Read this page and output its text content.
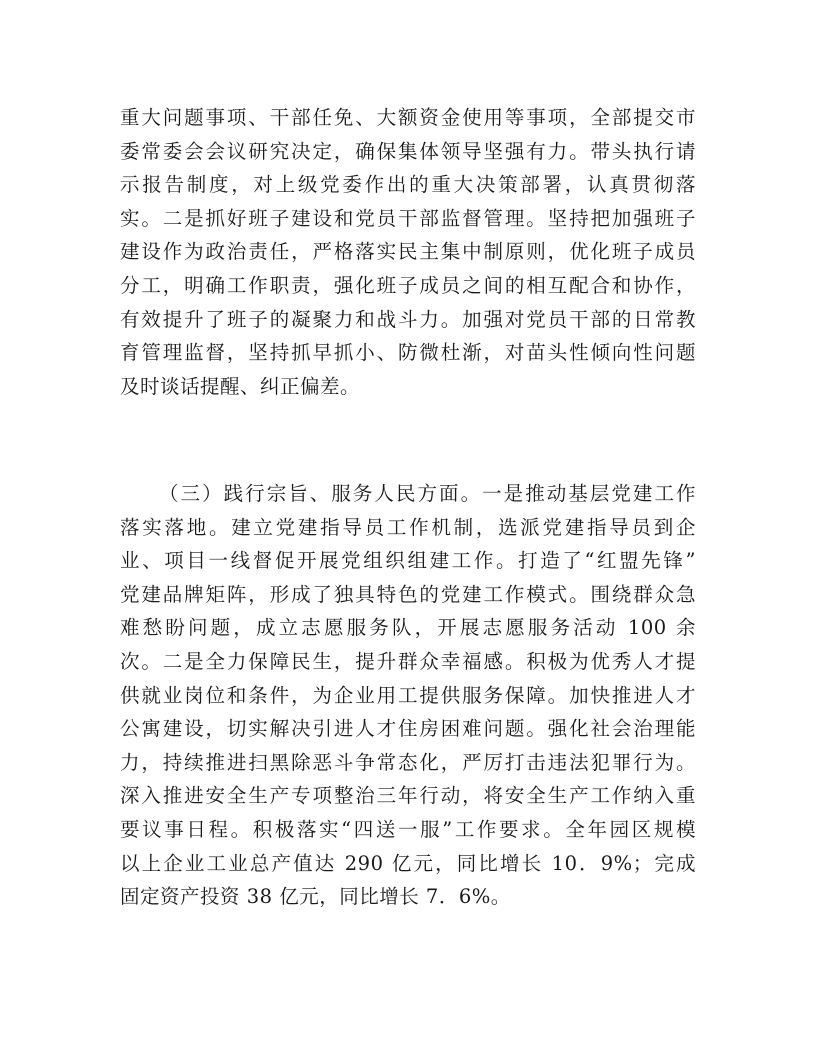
重大问题事项、干部任免、大额资金使用等事项，全部提交市
委常委会会议研究决定，确保集体领导坚强有力。带头执行请
示报告制度，对上级党委作出的重大决策部署，认真贯彻落
实。二是抓好班子建设和党员干部监督管理。坚持把加强班子
建设作为政治责任，严格落实民主集中制原则，优化班子成员
分工，明确工作职责，强化班子成员之间的相互配合和协作，
有效提升了班子的凝聚力和战斗力。加强对党员干部的日常教
育管理监督，坚持抓早抓小、防微杜渐，对苗头性倾向性问题
及时谈话提醒、纠正偏差。
（三）践行宗旨、服务人民方面。一是推动基层党建工作
落实落地。建立党建指导员工作机制，选派党建指导员到企
业、项目一线督促开展党组织组建工作。打造了“红盟先锋”
党建品牌矩阵，形成了独具特色的党建工作模式。围绕群众急
难愁盼问题，成立志愿服务队，开展志愿服务活动 100 余
次。二是全力保障民生，提升群众幸福感。积极为优秀人才提
供就业岗位和条件，为企业用工提供服务保障。加快推进人才
公寓建设，切实解决引进人才住房困难问题。强化社会治理能
力，持续推进扫黑除恶斗争常态化，严厉打击违法犯罪行为。
深入推进安全生产专项整治三年行动，将安全生产工作纳入重
要议事日程。积极落实“四送一服”工作要求。全年园区规模
以上企业工业总产值达 290 亿元，同比增长 10．9%；完成
固定资产投资 38 亿元，同比增长 7．6%。
